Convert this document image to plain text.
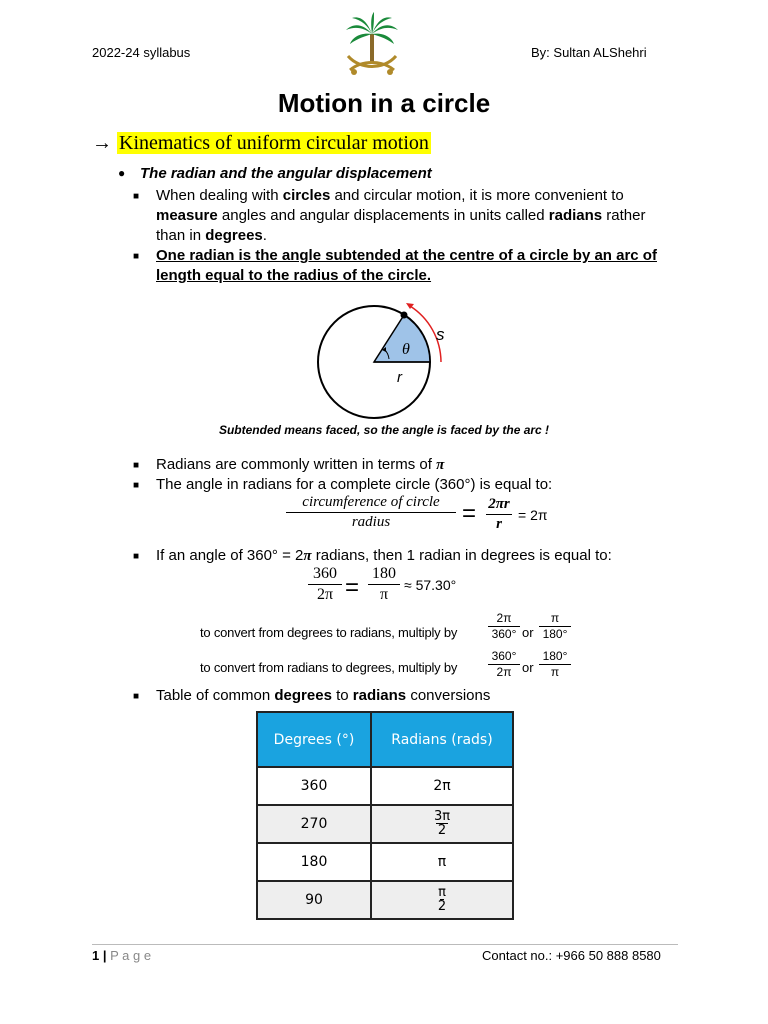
2022-24 syllabus	By: Sultan ALShehri
Motion in a circle
→ Kinematics of uniform circular motion
● The radian and the angular displacement
■ When dealing with circles and circular motion, it is more convenient to
measure angles and angular displacements in units called radians rather
than in degrees.
■ One radian is the angle subtended at the centre of a circle by an arc of
length equal to the radius of the circle.
θ
s
r
Subtended means faced, so the angle is faced by the arc !
■ Radians are commonly written in terms of π
■ The angle in radians for a complete circle (360°) is equal to:
circumference of circle
radius	= 2πr
r
= 2π
■ If an angle of 360° = 2π radians, then 1 radian in degrees is equal to:
360
2π =
180
π
≈ 57.30°
to convert from degrees to radians, multiply by
2π
360° or
π
180°
to convert from radians to degrees, multiply by
360°
2π or
180°
π
■ Table of common degrees to radians conversions
Degrees (°)	Radians (rads)
360	2π
270	$\frac{3\pi}{2}$
180	π
90	$\frac{\pi}{2}$
1 | P a g e	Contact no.: +966 50 888 8580
